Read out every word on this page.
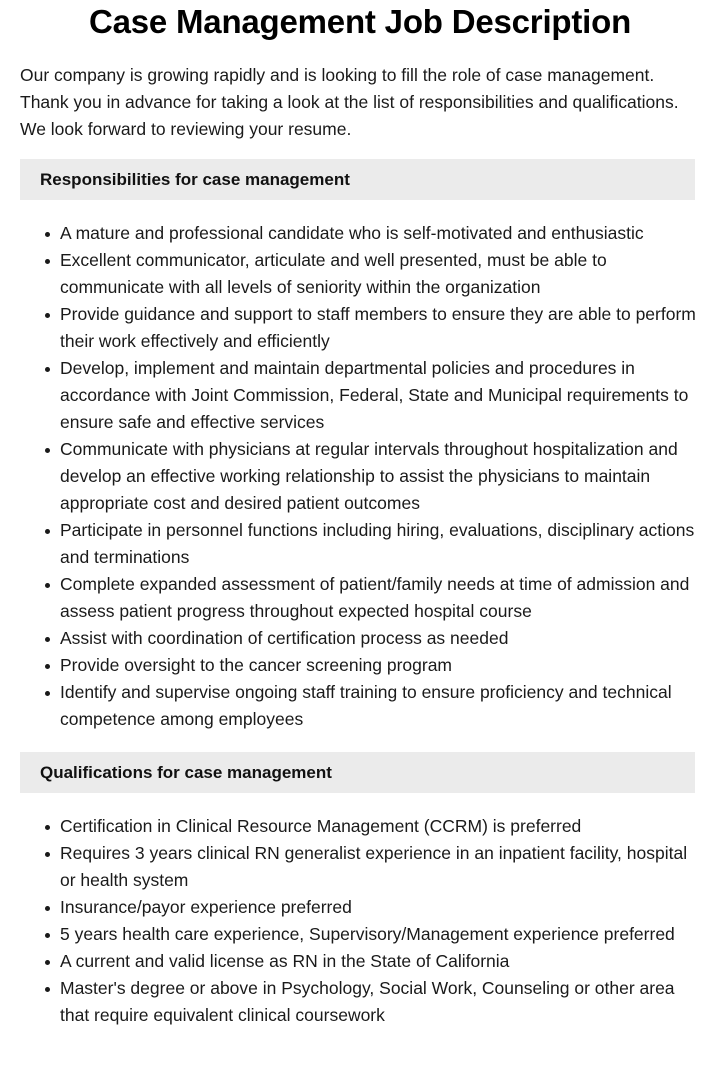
Case Management Job Description

Our company is growing rapidly and is looking to fill the role of case management. Thank you in advance for taking a look at the list of responsibilities and qualifications. We look forward to reviewing your resume.

Responsibilities for case management
A mature and professional candidate who is self-motivated and enthusiastic
Excellent communicator, articulate and well presented, must be able to communicate with all levels of seniority within the organization
Provide guidance and support to staff members to ensure they are able to perform their work effectively and efficiently
Develop, implement and maintain departmental policies and procedures in accordance with Joint Commission, Federal, State and Municipal requirements to ensure safe and effective services
Communicate with physicians at regular intervals throughout hospitalization and develop an effective working relationship to assist the physicians to maintain appropriate cost and desired patient outcomes
Participate in personnel functions including hiring, evaluations, disciplinary actions and terminations
Complete expanded assessment of patient/family needs at time of admission and assess patient progress throughout expected hospital course
Assist with coordination of certification process as needed
Provide oversight to the cancer screening program
Identify and supervise ongoing staff training to ensure proficiency and technical competence among employees
Qualifications for case management
Certification in Clinical Resource Management (CCRM) is preferred
Requires 3 years clinical RN generalist experience in an inpatient facility, hospital or health system
Insurance/payor experience preferred
5 years health care experience, Supervisory/Management experience preferred
A current and valid license as RN in the State of California
Master's degree or above in Psychology, Social Work, Counseling or other area that require equivalent clinical coursework
